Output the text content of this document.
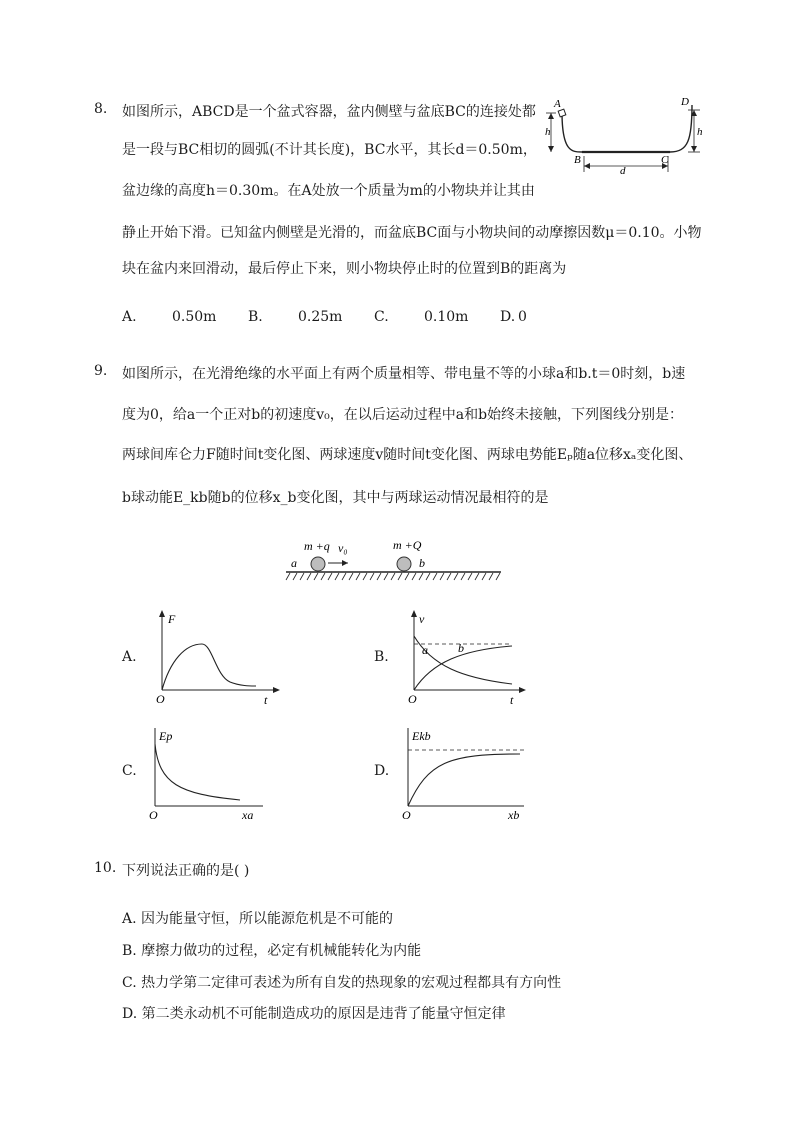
8. 如图所示，ABCD是一个盆式容器，盆内侧壁与盆底BC的连接处都
是一段与BC相切的圆弧(不计其长度)，BC水平，其长d＝0.50m，
盆边缘的高度h＝0.30m。在A处放一个质量为m的小物块并让其由
静止开始下滑。已知盆内侧壁是光滑的，而盆底BC面与小物块间的动摩擦因数μ＝0.10。小物
块在盆内来回滑动，最后停止下来，则小物块停止时的位置到B的距离为
A.	0.50m B.	0.25m C.	0.10m D. 0
A	D
h	h
B	C
d
9. 如图所示，在光滑绝缘的水平面上有两个质量相等、带电量不等的小球a和b.t＝0时刻，b速
度为0，给a一个正对b的初速度v₀，在以后运动过程中a和b始终未接触，下列图线分别是：
两球间库仑力F随时间t变化图、两球速度v随时间t变化图、两球电势能Eₚ随a位移xₐ变化图、
b球动能E_kb随b的位移x_b变化图，其中与两球运动情况最相符的是
m +q v₀
a
m +Q
b
A.
F
t
O
B.
v
t
O
a	b
C.
Ep
xa
O
D.
Ekb
xb
O
10. 下列说法正确的是( )
A. 因为能量守恒，所以能源危机是不可能的
B. 摩擦力做功的过程，必定有机械能转化为内能
C. 热力学第二定律可表述为所有自发的热现象的宏观过程都具有方向性
D. 第二类永动机不可能制造成功的原因是违背了能量守恒定律
